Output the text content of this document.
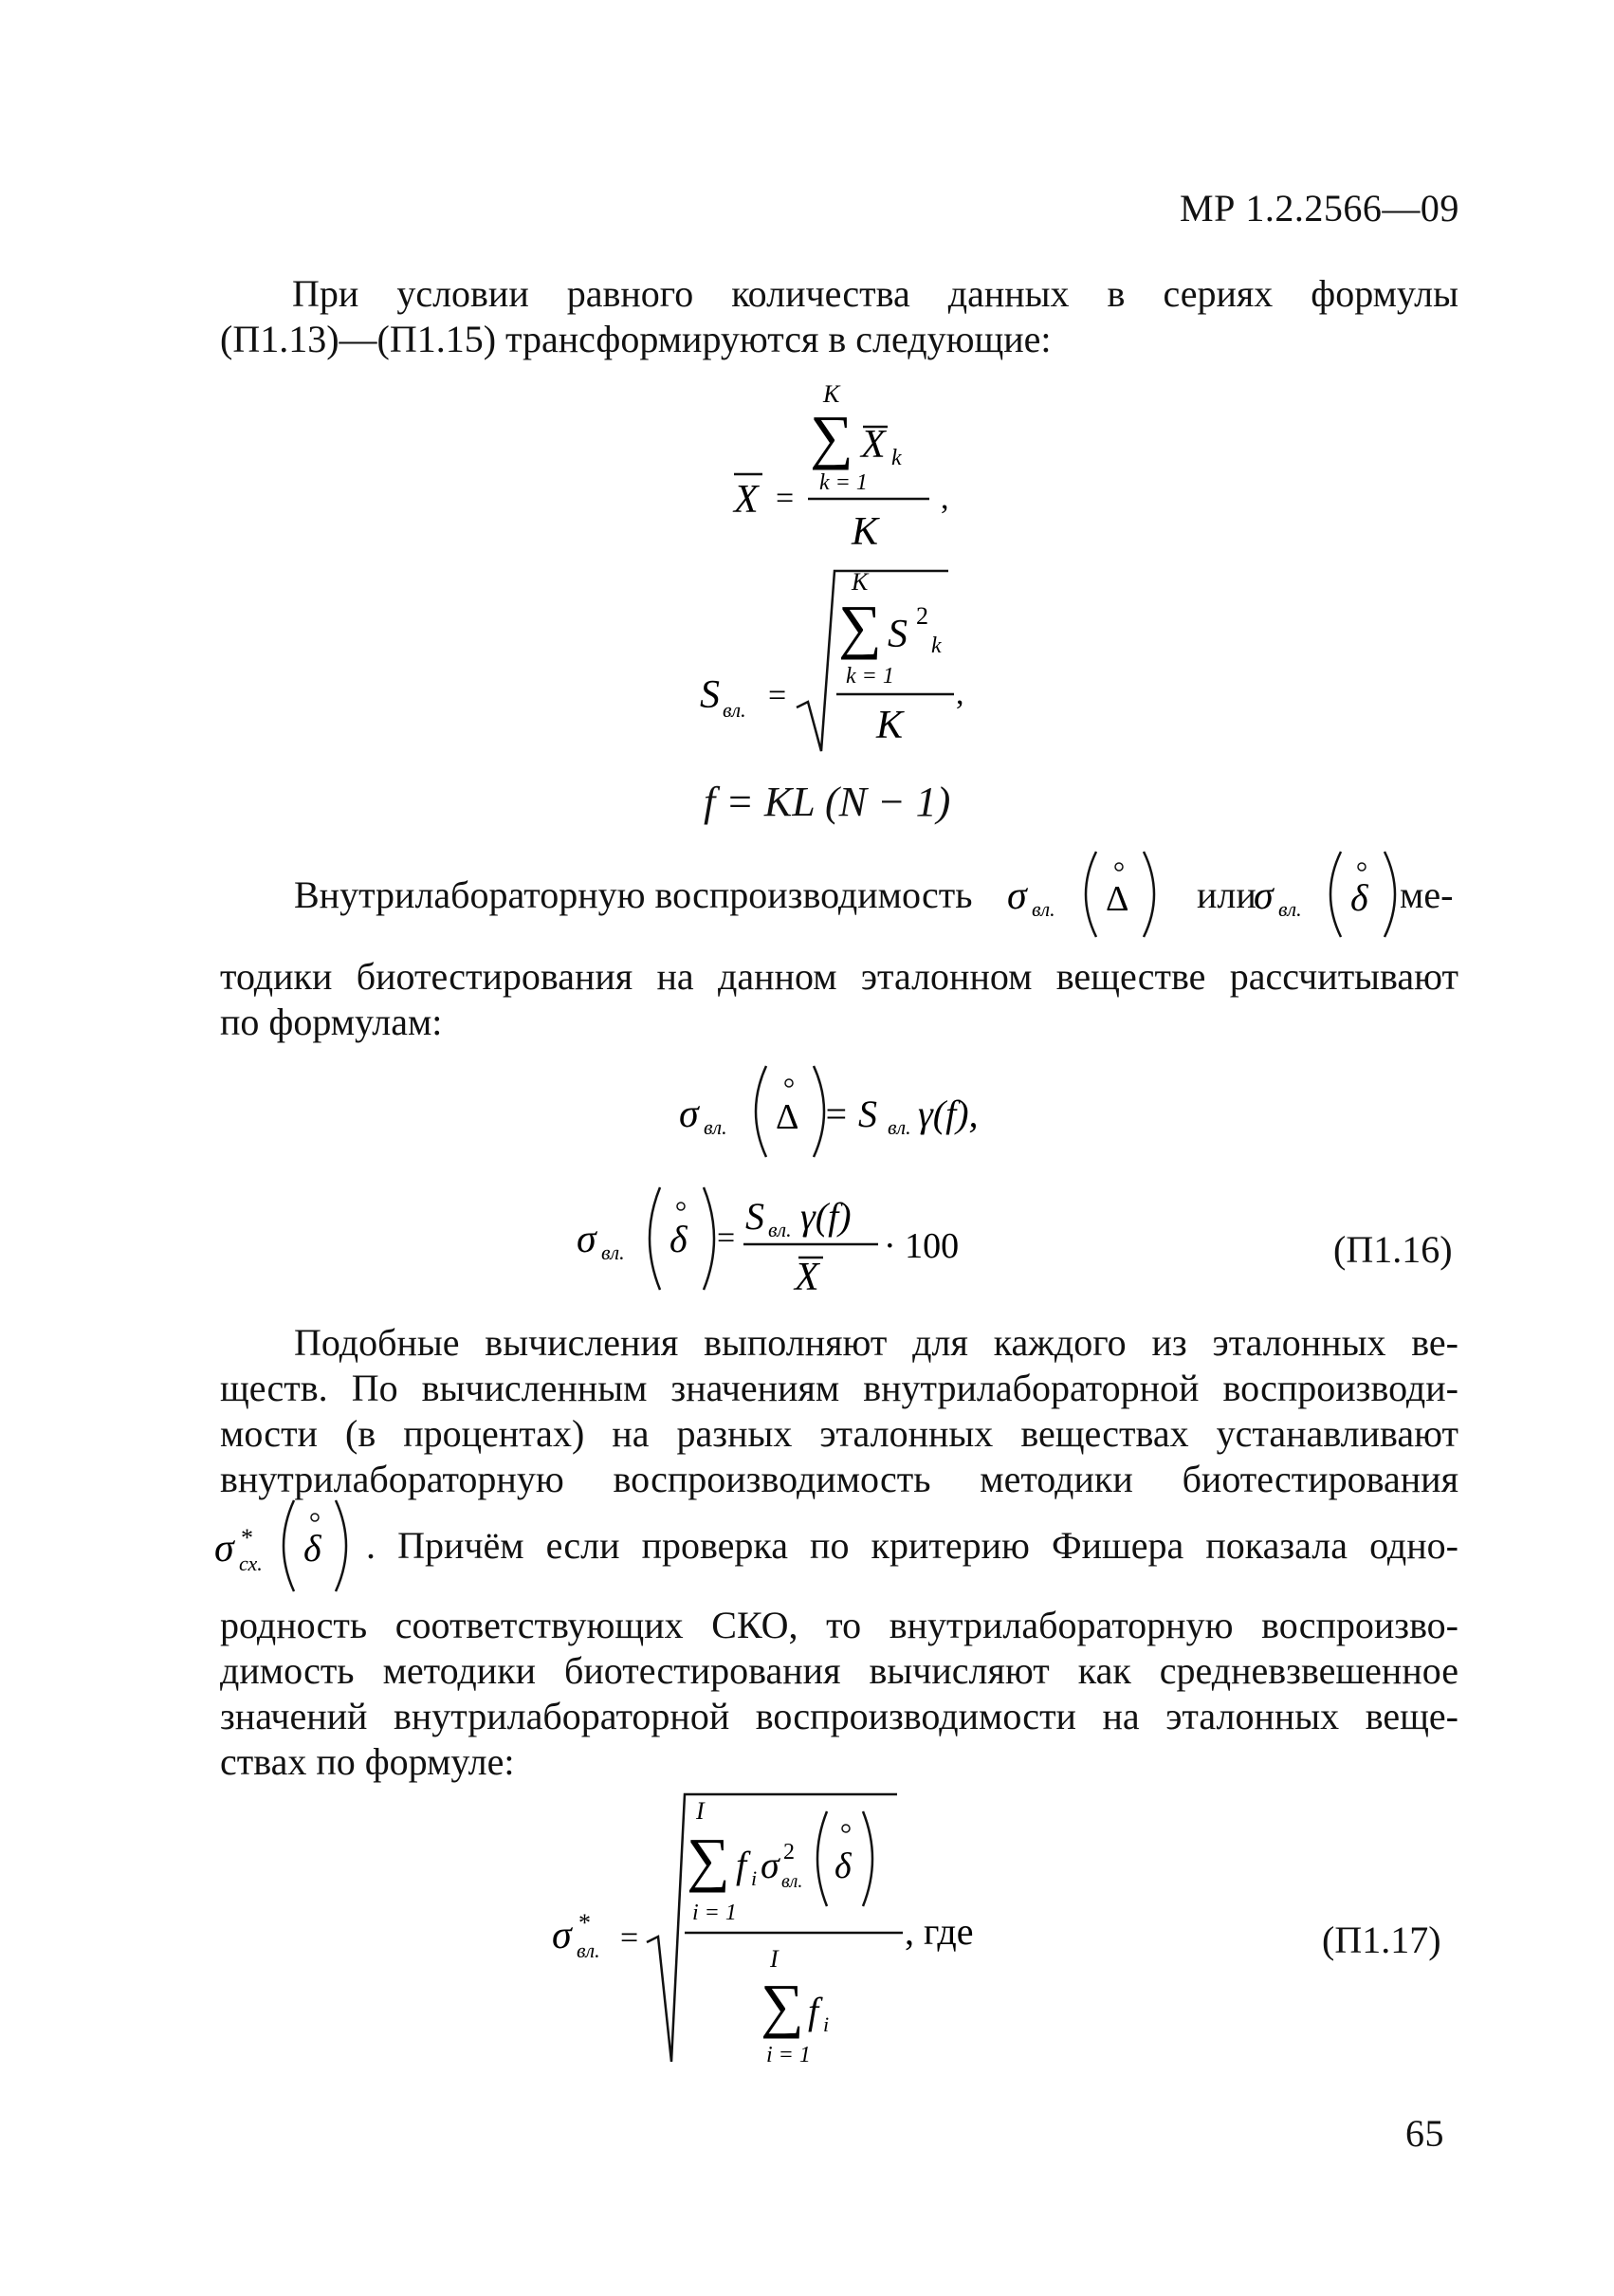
МР 1.2.2566—09
При условии равного количества данных в сериях формулы
(П1.13)—(П1.15) трансформируются в следующие:
K
∑ X k
k = 1
X =
K
,
S вл. =
K
∑ S 2
k
k = 1
K
,
f = KL (N − 1)
Внутрилабораторную воспроизводимость σ вл. Δ или
σ вл. δ ме-
тодики биотестирования на данном эталонном веществе рассчитывают
по формулам:
σ вл. Δ = S вл. γ(f),
σ вл. δ =
S вл. γ(f)
X
· 100	(П1.16)
Подобные вычисления выполняют для каждого из эталонных ве-
ществ. По вычисленным значениям внутрилабораторной воспроизводи-
мости (в процентах) на разных эталонных веществах устанавливают
внутрилабораторную воспроизводимость методики биотестирования
σ *
сх. δ . Причём если проверка по критерию Фишера показала одно-
родность соответствующих СКО, то внутрилабораторную воспроизво-
димость методики биотестирования вычисляют как средневзвешенное
значений внутрилабораторной воспроизводимости на эталонных веще-
ствах по формуле:
σ *
вл. =
I
∑ f i σ 2
вл. δ
i = 1
I
∑ f i
i = 1
, где	(П1.17)
65
